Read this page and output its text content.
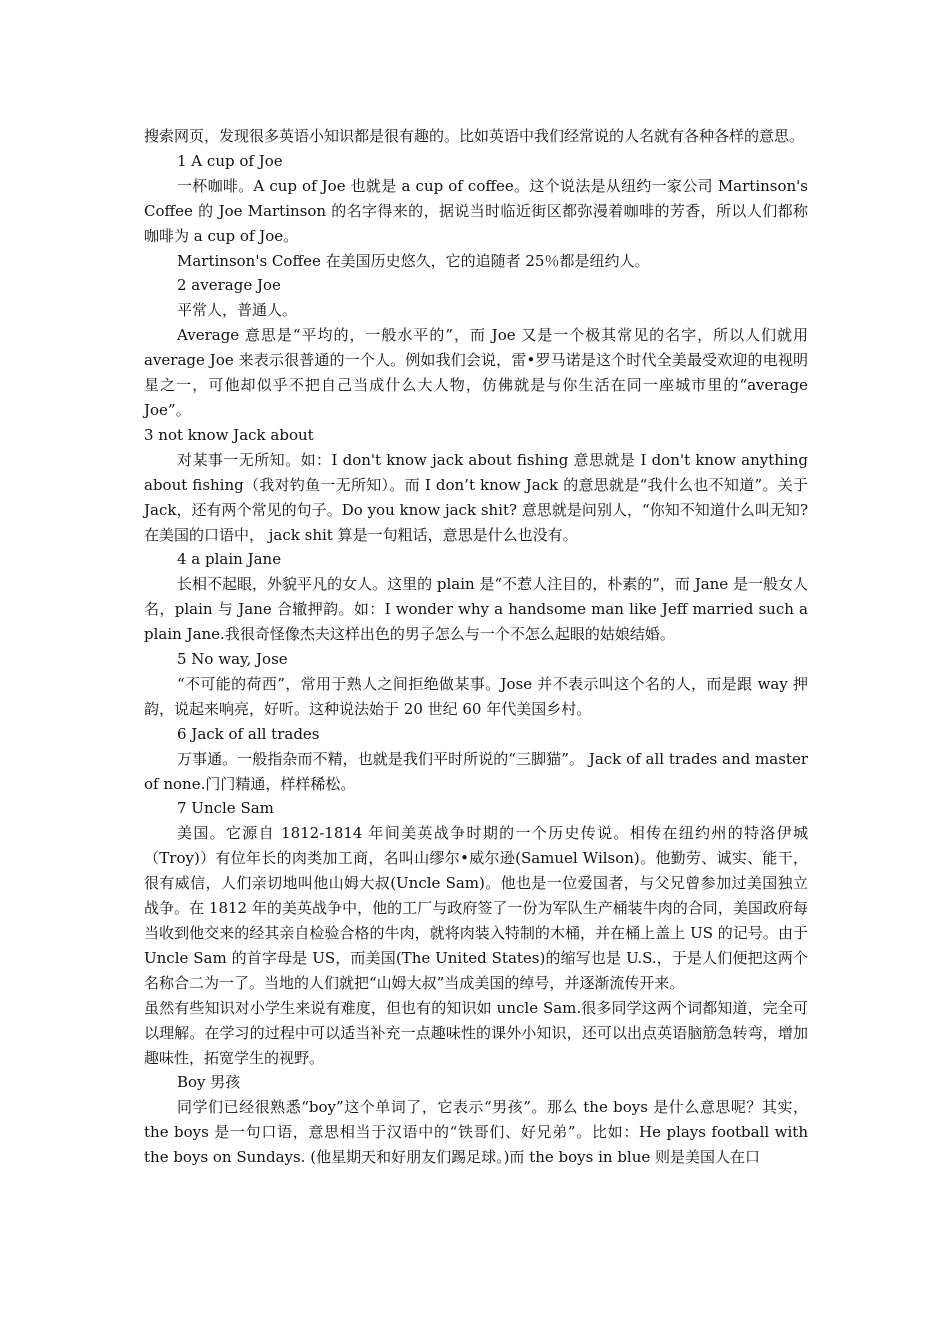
搜索网页，发现很多英语小知识都是很有趣的。比如英语中我们经常说的人名就有各种各样的意思。

1 A cup of Joe

一杯咖啡。A cup of Joe 也就是 a cup of coffee。这个说法是从纽约一家公司 Martinson's Coffee 的 Joe Martinson 的名字得来的，据说当时临近街区都弥漫着咖啡的芳香，所以人们都称咖啡为 a cup of Joe。

Martinson's Coffee 在美国历史悠久，它的追随者 25％都是纽约人。

2 average Joe

平常人，普通人。

Average 意思是“平均的，一般水平的”，而 Joe 又是一个极其常见的名字，所以人们就用 average Joe 来表示很普通的一个人。例如我们会说，雷•罗马诺是这个时代全美最受欢迎的电视明星之一，可他却似乎不把自己当成什么大人物，仿佛就是与你生活在同一座城市里的“average Joe”。

3 not know Jack about

对某事一无所知。如：I don't know jack about fishing 意思就是 I don't know anything about fishing（我对钓鱼一无所知）。而 I don’t know Jack 的意思就是“我什么也不知道”。关于 Jack，还有两个常见的句子。Do you know jack shit? 意思就是问别人，“你知不知道什么叫无知? 在美国的口语中， jack shit 算是一句粗话，意思是什么也没有。

4 a plain Jane

长相不起眼，外貌平凡的女人。这里的 plain 是“不惹人注目的，朴素的”，而 Jane 是一般女人名，plain 与 Jane 合辙押韵。如：I wonder why a handsome man like Jeff married such a plain Jane.我很奇怪像杰夫这样出色的男子怎么与一个不怎么起眼的姑娘结婚。

5 No way, Jose

“不可能的荷西”，常用于熟人之间拒绝做某事。Jose 并不表示叫这个名的人，而是跟 way 押韵，说起来响亮，好听。这种说法始于 20 世纪 60 年代美国乡村。

6 Jack of all trades

万事通。一般指杂而不精，也就是我们平时所说的“三脚猫”。 Jack of all trades and master of none.门门精通，样样稀松。

7 Uncle Sam

美国。它源自 1812-1814 年间美英战争时期的一个历史传说。相传在纽约州的特洛伊城（Troy)）有位年长的肉类加工商，名叫山缪尔•威尔逊(Samuel Wilson)。他勤劳、诚实、能干，很有威信，人们亲切地叫他山姆大叔(Uncle Sam)。他也是一位爱国者，与父兄曾参加过美国独立战争。在 1812 年的美英战争中，他的工厂与政府签了一份为军队生产桶装牛肉的合同，美国政府每当收到他交来的经其亲自检验合格的牛肉，就将肉装入特制的木桶，并在桶上盖上 US 的记号。由于 Uncle Sam 的首字母是 US，而美国(The United States)的缩写也是 U.S.，于是人们便把这两个名称合二为一了。当地的人们就把“山姆大叔”当成美国的绰号，并逐渐流传开来。

虽然有些知识对小学生来说有难度，但也有的知识如 uncle Sam.很多同学这两个词都知道，完全可以理解。在学习的过程中可以适当补充一点趣味性的课外小知识，还可以出点英语脑筋急转弯，增加趣味性，拓宽学生的视野。

Boy 男孩

同学们已经很熟悉“boy”这个单词了，它表示“男孩”。那么 the boys 是什么意思呢？其实，the boys 是一句口语，意思相当于汉语中的“铁哥们、好兄弟”。比如：He plays football with the boys on Sundays. (他星期天和好朋友们踢足球。)而 the boys in blue 则是美国人在口
